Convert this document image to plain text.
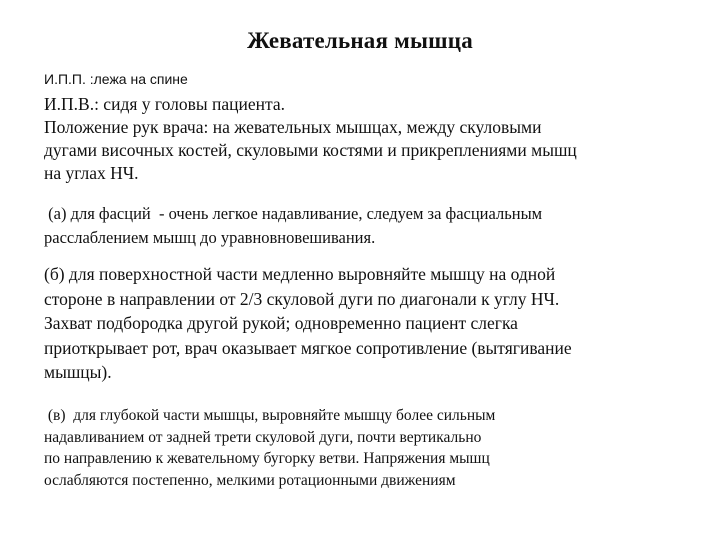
Жевательная мышца
И.П.П. :лежа на спине
И.П.В.: сидя у головы пациента.
Положение рук врача: на жевательных мышцах, между скуловыми
дугами височных костей, скуловыми костями и прикреплениями мышц
на углах НЧ.
(а) для фасций  - очень легкое надавливание, следуем за фасциальным
расслаблением мышц до уравновновешивания.
(б) для поверхностной части медленно выровняйте мышцу на одной
стороне в направлении от 2/3 скуловой дуги по диагонали к углу НЧ.
Захват подбородка другой рукой; одновременно пациент слегка
приоткрывает рот, врач оказывает мягкое сопротивление (вытягивание
мышцы).
(в)  для глубокой части мышцы, выровняйте мышцу более сильным
надавливанием от задней трети скуловой дуги, почти вертикально
по направлению к жевательному бугорку ветви. Напряжения мышц
ослабляются постепенно, мелкими ротационными движениям
